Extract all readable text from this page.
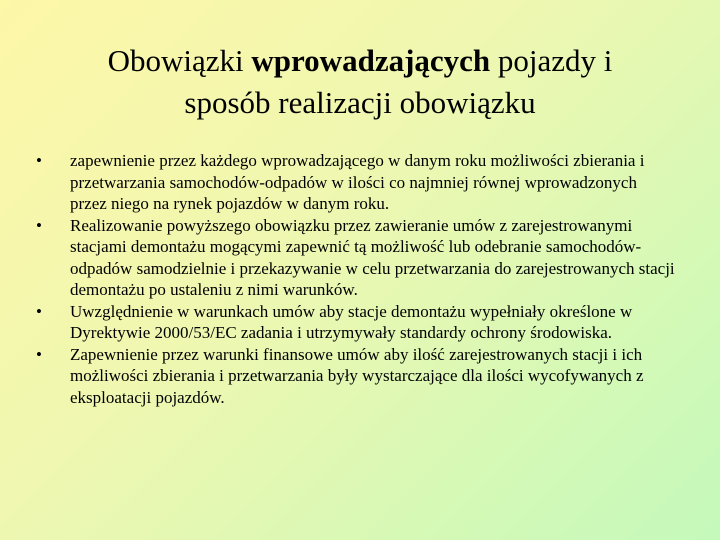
Obowiązki wprowadzających pojazdy i
sposób realizacji obowiązku
•	zapewnienie przez każdego wprowadzającego w danym roku możliwości zbierania i przetwarzania samochodów-odpadów w ilości co najmniej równej wprowadzonych przez niego na rynek pojazdów w danym roku.
•	Realizowanie powyższego obowiązku przez zawieranie umów z zarejestrowanymi stacjami demontażu mogącymi zapewnić tą możliwość lub odebranie samochodów-odpadów samodzielnie i przekazywanie w celu przetwarzania do zarejestrowanych stacji demontażu po ustaleniu z nimi warunków.
•	Uwzględnienie w warunkach umów aby stacje demontażu wypełniały określone w Dyrektywie 2000/53/EC zadania i utrzymywały standardy ochrony środowiska.
•	Zapewnienie przez warunki finansowe umów aby ilość zarejestrowanych stacji i ich możliwości zbierania i przetwarzania były wystarczające dla ilości wycofywanych z eksploatacji pojazdów.
